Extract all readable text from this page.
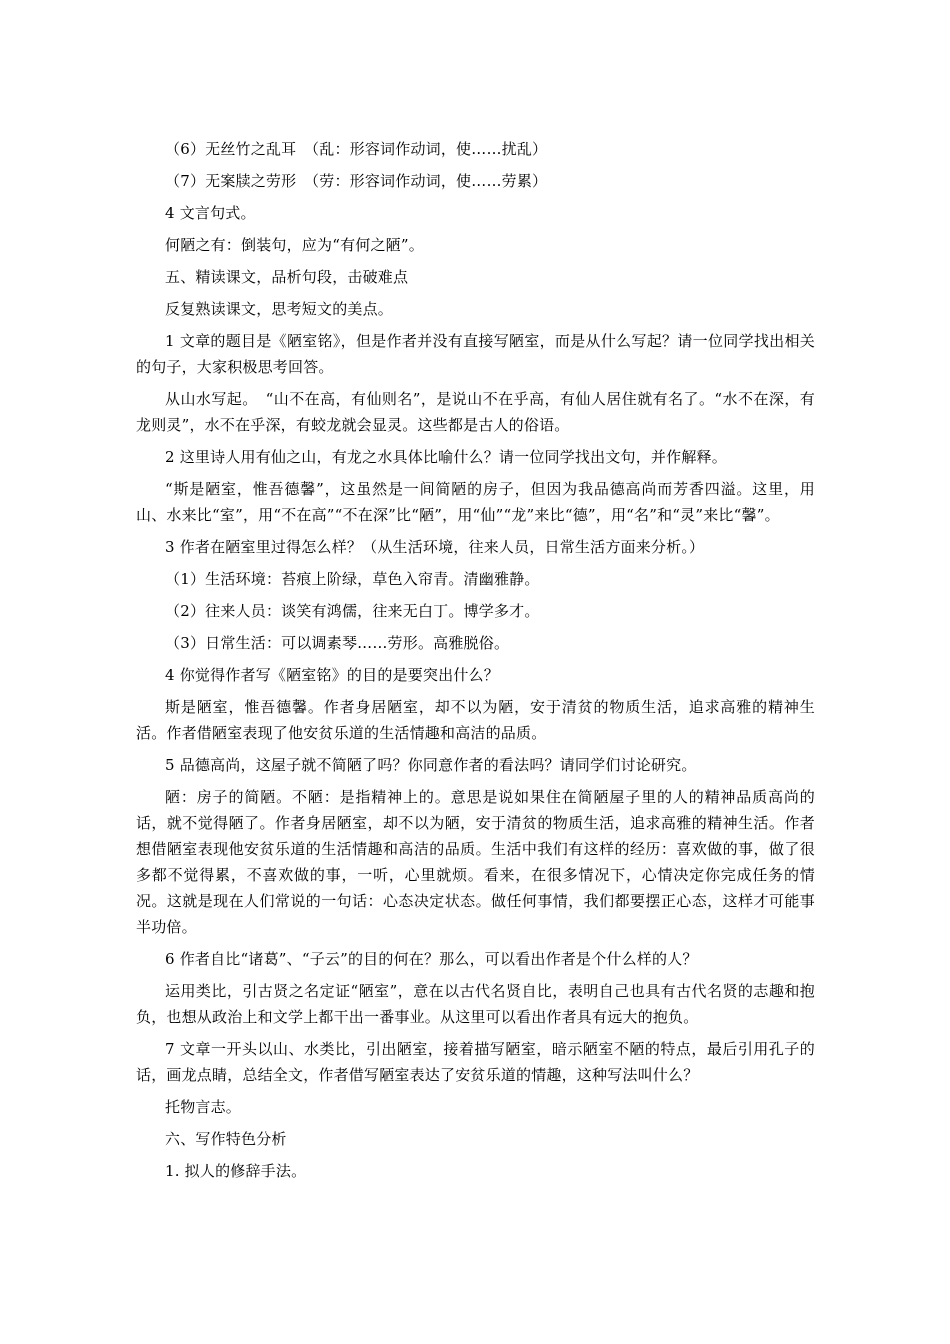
（6）无丝竹之乱耳　（乱：形容词作动词，使……扰乱）

（7）无案牍之劳形　（劳：形容词作动词，使……劳累）

4 文言句式。

何陋之有：倒装句，应为“有何之陋”。

五、精读课文，品析句段，击破难点

反复熟读课文，思考短文的美点。

1 文章的题目是《陋室铭》，但是作者并没有直接写陋室，而是从什么写起？请一位同学找出相关的句子，大家积极思考回答。

从山水写起。　“山不在高，有仙则名”，是说山不在乎高，有仙人居住就有名了。“水不在深，有龙则灵”，水不在乎深，有蛟龙就会显灵。这些都是古人的俗语。

2 这里诗人用有仙之山，有龙之水具体比喻什么？请一位同学找出文句，并作解释。

“斯是陋室，惟吾德馨”，这虽然是一间简陋的房子，但因为我品德高尚而芳香四溢。这里，用山、水来比“室”，用“不在高”“不在深”比“陋”，用“仙”“龙”来比“德”，用“名”和“灵”来比“馨”。

3 作者在陋室里过得怎么样？（从生活环境，往来人员，日常生活方面来分析。）

（1）生活环境：苔痕上阶绿，草色入帘青。清幽雅静。

（2）往来人员：谈笑有鸿儒，往来无白丁。博学多才。

（3）日常生活：可以调素琴……劳形。高雅脱俗。

4 你觉得作者写《陋室铭》的目的是要突出什么？

斯是陋室，惟吾德馨。作者身居陋室，却不以为陋，安于清贫的物质生活，追求高雅的精神生活。作者借陋室表现了他安贫乐道的生活情趣和高洁的品质。

5 品德高尚，这屋子就不简陋了吗？你同意作者的看法吗？请同学们讨论研究。

陋：房子的简陋。不陋：是指精神上的。意思是说如果住在简陋屋子里的人的精神品质高尚的话，就不觉得陋了。作者身居陋室，却不以为陋，安于清贫的物质生活，追求高雅的精神生活。作者想借陋室表现他安贫乐道的生活情趣和高洁的品质。生活中我们有这样的经历：喜欢做的事，做了很多都不觉得累，不喜欢做的事，一听，心里就烦。看来，在很多情况下，心情决定你完成任务的情况。这就是现在人们常说的一句话：心态决定状态。做任何事情，我们都要摆正心态，这样才可能事半功倍。

6 作者自比“诸葛”、“子云”的目的何在？那么，可以看出作者是个什么样的人？

运用类比，引古贤之名定证“陋室”，意在以古代名贤自比，表明自己也具有古代名贤的志趣和抱负，也想从政治上和文学上都干出一番事业。从这里可以看出作者具有远大的抱负。

7 文章一开头以山、水类比，引出陋室，接着描写陋室，暗示陋室不陋的特点，最后引用孔子的话，画龙点睛，总结全文，作者借写陋室表达了安贫乐道的情趣，这种写法叫什么？

托物言志。

六、写作特色分析

1. 拟人的修辞手法。
